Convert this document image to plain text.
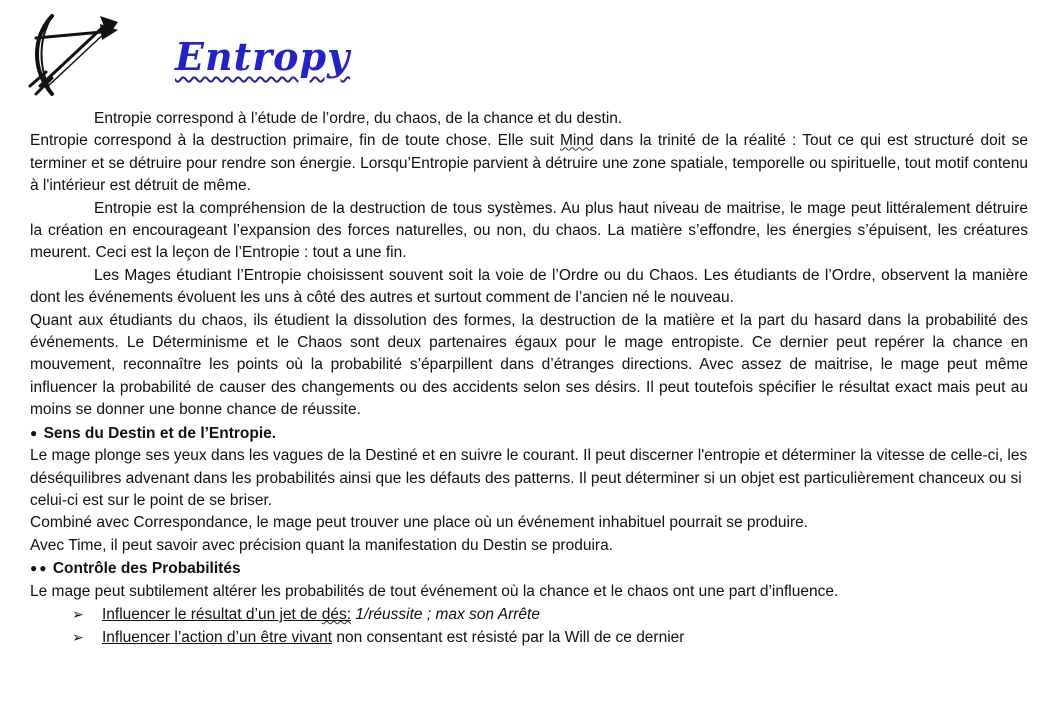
Entropy

Entropie correspond à l’étude de l’ordre, du chaos, de la chance et du destin.

Entropie correspond à la destruction primaire, fin de toute chose. Elle suit Mind dans la trinité de la réalité : Tout ce qui est structuré doit se terminer et se détruire pour rendre son énergie. Lorsqu’Entropie parvient à détruire une zone spatiale, temporelle ou spirituelle, tout motif contenu à l'intérieur est détruit de même.

Entropie est la compréhension de la destruction de tous systèmes. Au plus haut niveau de maitrise, le mage peut littéralement détruire la création en encourageant l’expansion des forces naturelles, ou non, du chaos. La matière s’effondre, les énergies s’épuisent, les créatures meurent. Ceci est la leçon de l’Entropie : tout a une fin.

Les Mages étudiant l’Entropie choisissent souvent soit la voie de l’Ordre ou du Chaos. Les étudiants de l’Ordre, observent la manière dont les événements évoluent les uns à côté des autres et surtout comment de l’ancien né le nouveau.

Quant aux étudiants du chaos, ils étudient la dissolution des formes, la destruction de la matière et la part du hasard dans la probabilité des événements. Le Déterminisme et le Chaos sont deux partenaires égaux pour le mage entropiste. Ce dernier peut repérer la chance en mouvement, reconnaître les points où la probabilité s’éparpillent dans d’étranges directions. Avec assez de maitrise, le mage peut même influencer la probabilité de causer des changements ou des accidents selon ses désirs. Il peut toutefois spécifier le résultat exact mais peut au moins se donner une bonne chance de réussite.

● Sens du Destin et de l’Entropie.

Le mage plonge ses yeux dans les vagues de la Destiné et en suivre le courant. Il peut discerner l'entropie et déterminer la vitesse de celle-ci, les déséquilibres advenant dans les probabilités ainsi que les défauts des patterns. Il peut déterminer si un objet est particulièrement chanceux ou si celui-ci est sur le point de se briser.

Combiné avec Correspondance, le mage peut trouver une place où un événement inhabituel pourrait se produire.

Avec Time, il peut savoir avec précision quant la manifestation du Destin se produira.

●● Contrôle des Probabilités

Le mage peut subtilement altérer les probabilités de tout événement où la chance et le chaos ont une part d’influence.

➢ Influencer le résultat d’un jet de dés: 1/réussite ; max son Arrête
➢ Influencer l’action d’un être vivant non consentant est résisté par la Will de ce dernier
